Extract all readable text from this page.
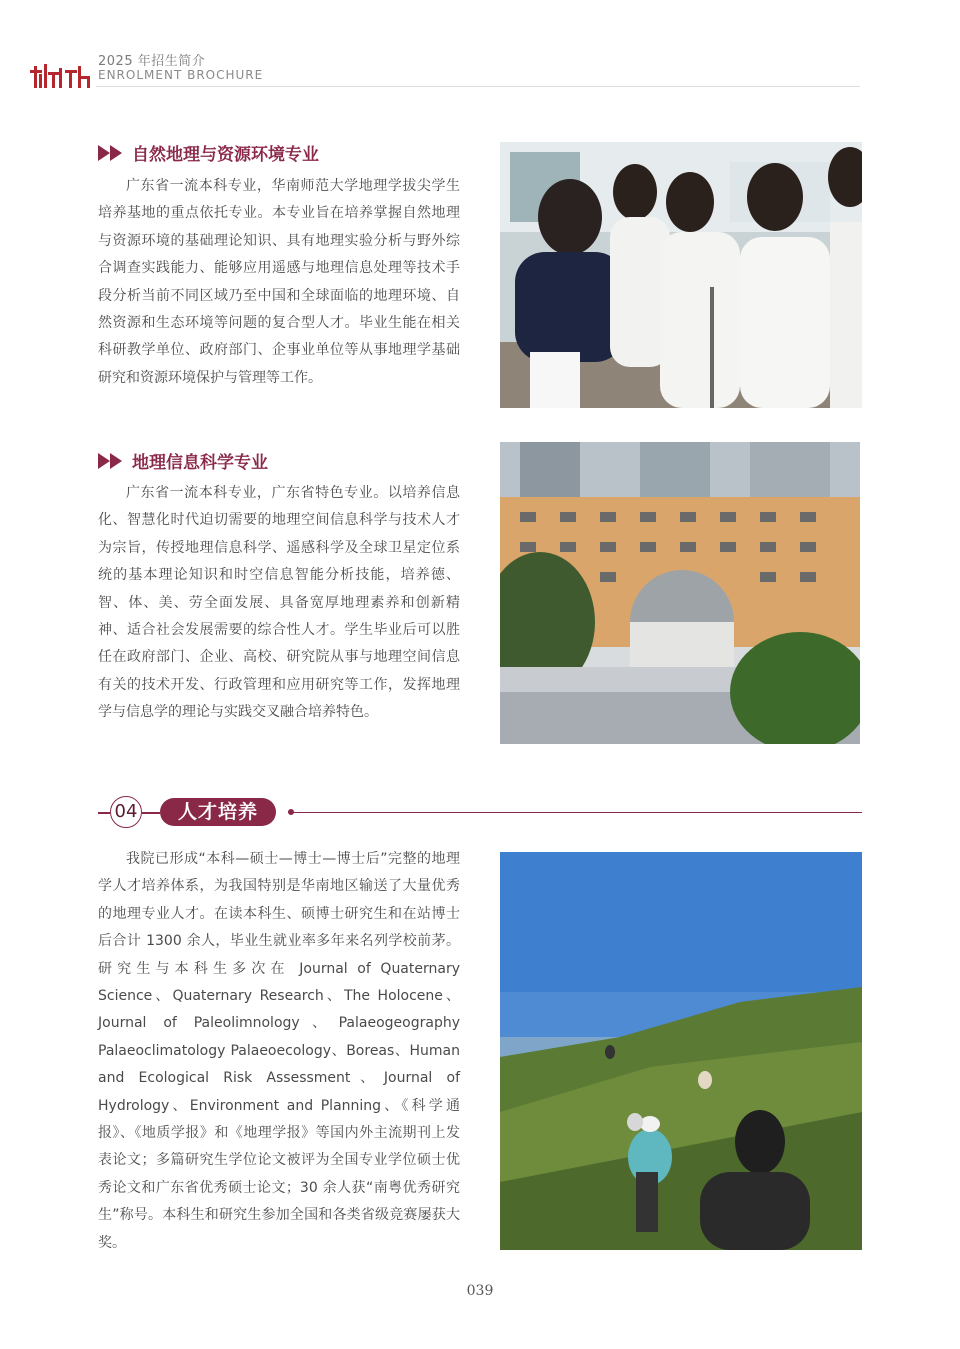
2025 年招生简介
ENROLMENT BROCHURE
自然地理与资源环境专业

广东省一流本科专业，华南师范大学地理学拔尖学生培养基地的重点依托专业。本专业旨在培养掌握自然地理与资源环境的基础理论知识、具有地理实验分析与野外综合调查实践能力、能够应用遥感与地理信息处理等技术手段分析当前不同区域乃至中国和全球面临的地理环境、自然资源和生态环境等问题的复合型人才。毕业生能在相关科研教学单位、政府部门、企事业单位等从事地理学基础研究和资源环境保护与管理等工作。

地理信息科学专业

广东省一流本科专业，广东省特色专业。以培养信息化、智慧化时代迫切需要的地理空间信息科学与技术人才为宗旨，传授地理信息科学、遥感科学及全球卫星定位系统的基本理论知识和时空信息智能分析技能，培养德、智、体、美、劳全面发展、具备宽厚地理素养和创新精神、适合社会发展需要的综合性人才。学生毕业后可以胜任在政府部门、企业、高校、研究院从事与地理空间信息有关的技术开发、行政管理和应用研究等工作，发挥地理学与信息学的理论与实践交叉融合培养特色。

04	人才培养

我院已形成“本科—硕士—博士—博士后”完整的地理学人才培养体系，为我国特别是华南地区输送了大量优秀的地理专业人才。在读本科生、硕博士研究生和在站博士后合计 1300 余人，毕业生就业率多年来名列学校前茅。研究生与本科生多次在 Journal of Quaternary Science、Quaternary Research、The Holocene、Journal of Paleolimnology、Palaeogeography Palaeoclimatology Palaeoecology、Boreas、Human and Ecological Risk Assessment、Journal of Hydrology、Environment and Planning、《科学通报》、《地质学报》和《地理学报》等国内外主流期刊上发表论文；多篇研究生学位论文被评为全国专业学位硕士优秀论文和广东省优秀硕士论文；30 余人获“南粤优秀研究生”称号。本科生和研究生参加全国和各类省级竞赛屡获大奖。

039
